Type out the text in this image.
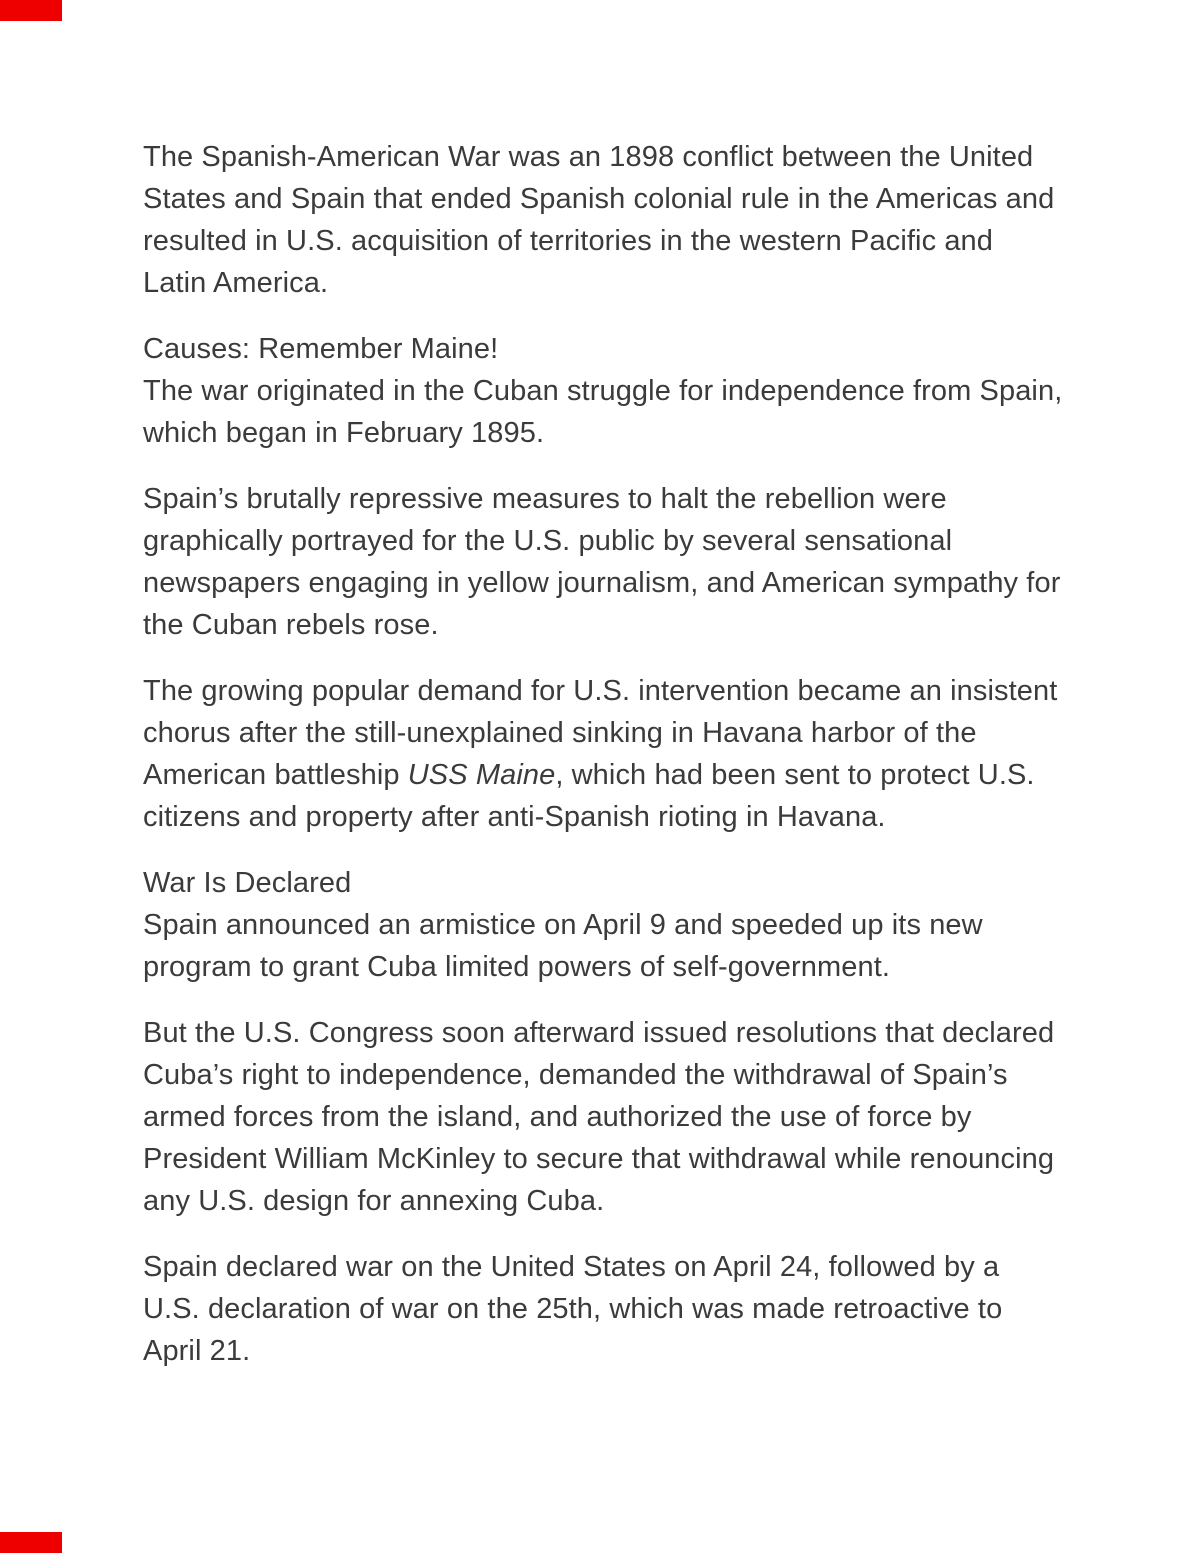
The Spanish-American War was an 1898 conflict between the United States and Spain that ended Spanish colonial rule in the Americas and resulted in U.S. acquisition of territories in the western Pacific and Latin America.

Causes: Remember Maine!
The war originated in the Cuban struggle for independence from Spain, which began in February 1895.

Spain’s brutally repressive measures to halt the rebellion were graphically portrayed for the U.S. public by several sensational newspapers engaging in yellow journalism, and American sympathy for the Cuban rebels rose.

The growing popular demand for U.S. intervention became an insistent chorus after the still-unexplained sinking in Havana harbor of the American battleship USS Maine, which had been sent to protect U.S. citizens and property after anti-Spanish rioting in Havana.

War Is Declared
Spain announced an armistice on April 9 and speeded up its new program to grant Cuba limited powers of self-government.

But the U.S. Congress soon afterward issued resolutions that declared Cuba’s right to independence, demanded the withdrawal of Spain’s armed forces from the island, and authorized the use of force by President William McKinley to secure that withdrawal while renouncing any U.S. design for annexing Cuba.

Spain declared war on the United States on April 24, followed by a U.S. declaration of war on the 25th, which was made retroactive to April 21.
